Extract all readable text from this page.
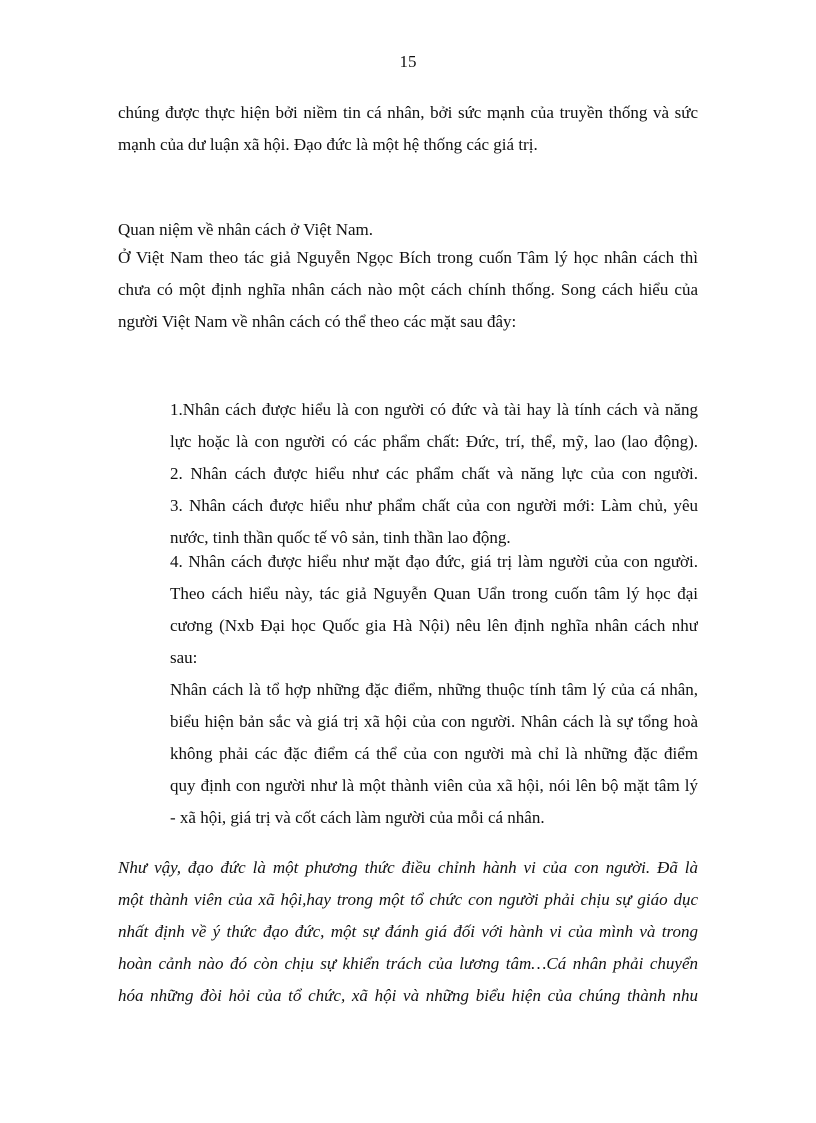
15
chúng được thực hiện bởi niềm tin cá nhân, bởi sức mạnh của truyền thống và sức
mạnh của dư luận xã hội. Đạo đức là một hệ thống các giá trị.
Quan niệm về nhân cách ở Việt Nam.
Ở Việt Nam theo tác giả Nguyễn Ngọc Bích trong cuốn Tâm lý học nhân cách thì
chưa có một định nghĩa nhân cách nào một cách chính thống. Song cách hiểu của
người Việt Nam về nhân cách có thể theo các mặt sau đây:
1.Nhân cách được hiểu là con người có đức và tài hay là tính cách và năng
lực hoặc là con người có các phẩm chất: Đức, trí, thể, mỹ, lao (lao động).
2. Nhân cách được hiểu như các phẩm chất và năng lực của con người.
3. Nhân cách được hiểu như phẩm chất của con người mới: Làm chủ, yêu
nước, tinh thần quốc tế vô sản, tinh thần lao động.
4. Nhân cách được hiểu như mặt đạo đức, giá trị làm người của con người.
Theo cách hiểu này, tác giả Nguyễn Quan Uẩn trong cuốn tâm lý học đại
cương (Nxb Đại học Quốc gia Hà Nội) nêu lên định nghĩa nhân cách như
sau:
Nhân cách là tổ hợp những đặc điểm, những thuộc tính tâm lý của cá nhân,
biểu hiện bản sắc và giá trị xã hội của con người. Nhân cách là sự tổng hoà
không phải các đặc điểm cá thể của con người mà chỉ là những đặc điểm
quy định con người như là một thành viên của xã hội, nói lên bộ mặt tâm lý
- xã hội, giá trị và cốt cách làm người của mỗi cá nhân.
Như vậy, đạo đức là một phương thức điều chỉnh hành vi của con người. Đã là
một thành viên của xã hội,hay trong một tổ chức con người phải chịu sự giáo dục
nhất định về ý thức đạo đức, một sự đánh giá đối với hành vi của mình và trong
hoàn cảnh nào đó còn chịu sự khiển trách của lương tâm…Cá nhân phải chuyển
hóa những đòi hỏi của tổ chức, xã hội và những biểu hiện của chúng thành nhu
